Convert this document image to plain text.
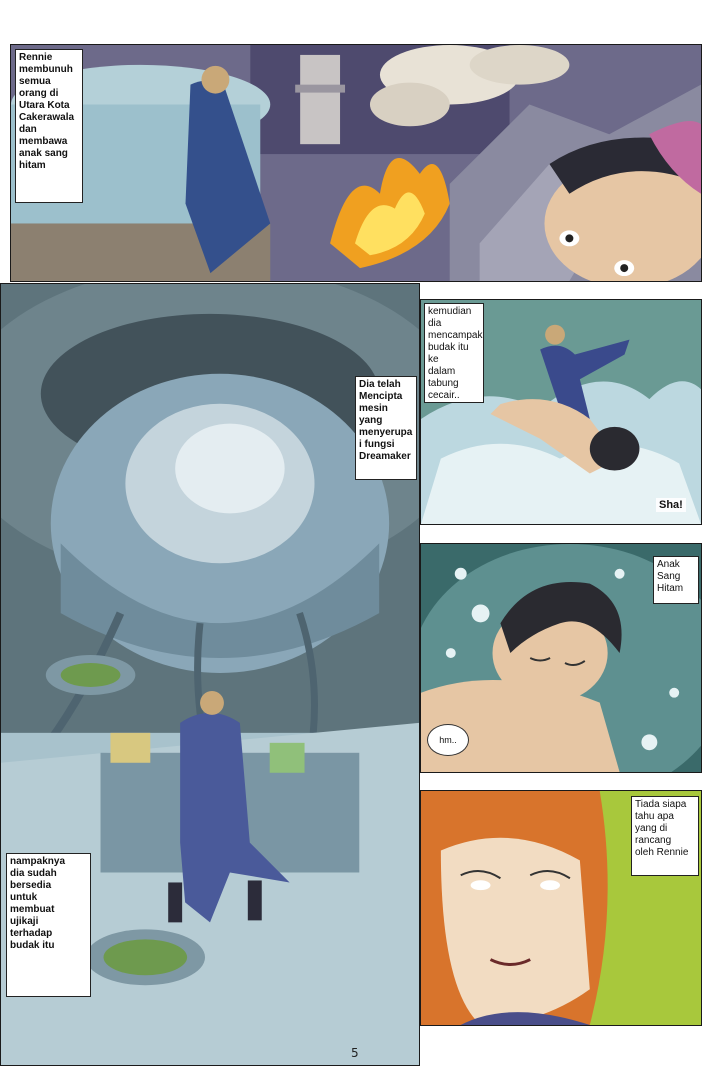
Rennie
membunuh
semua
orang di
Utara Kota
Cakerawala
dan
membawa
anak sang
hitam
Dia telah
Mencipta
mesin
yang
menyerupa
i fungsi
Dreamaker
nampaknya
dia sudah
bersedia
untuk
membuat
ujikaji
terhadap
budak itu
kemudian
dia
mencampak
budak itu ke
dalam
tabung
cecair..
Sha!
Anak
Sang
Hitam
hm..
Tiada siapa
tahu apa
yang di
rancang
oleh Rennie
5
